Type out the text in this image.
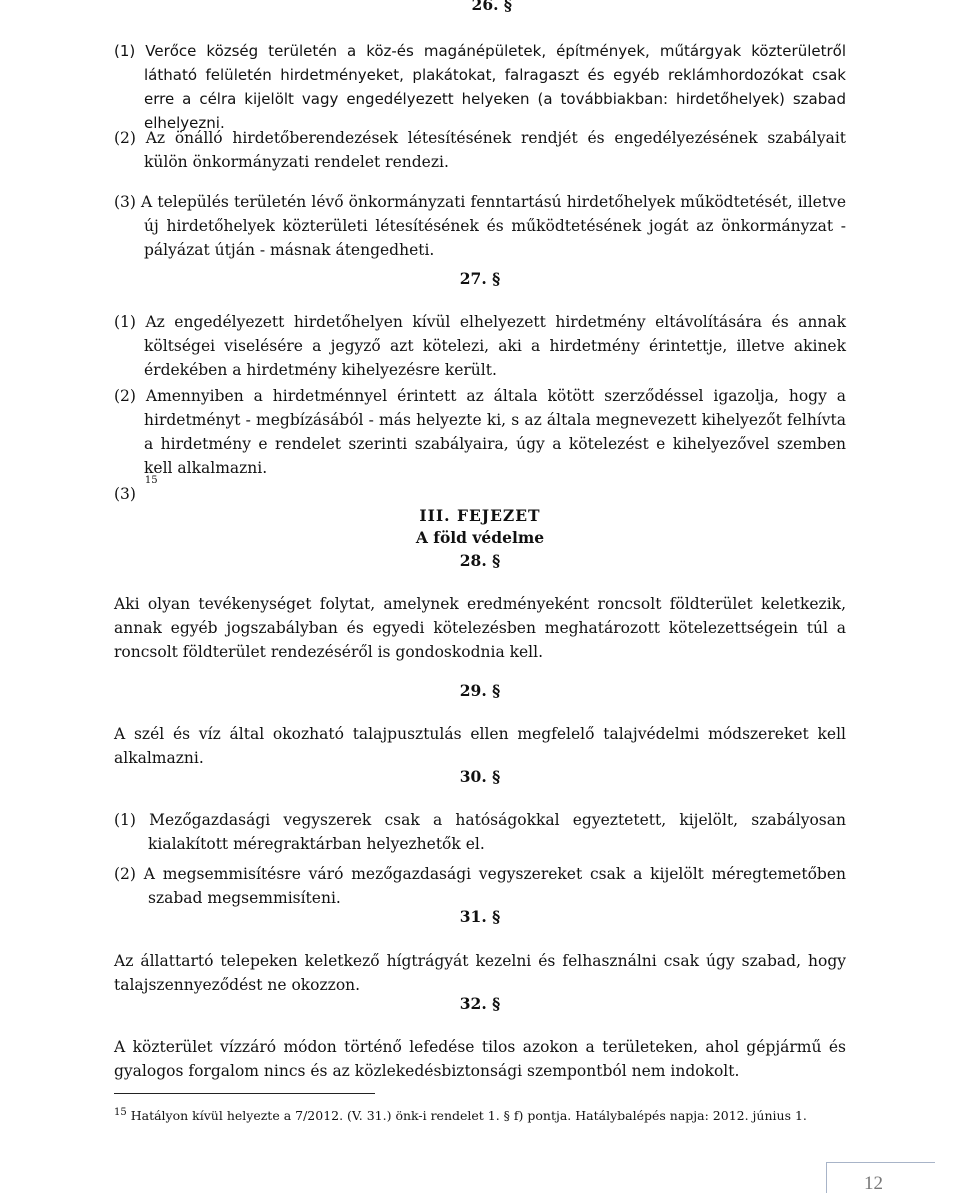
26. §

(1) Verőce község területén a köz-és magánépületek, építmények, műtárgyak közterületről látható felületén hirdetményeket, plakátokat, falragaszt és egyéb reklámhordozókat csak erre a célra kijelölt vagy engedélyezett helyeken (a továbbiakban: hirdetőhelyek) szabad elhelyezni.

(2) Az önálló hirdetőberendezések létesítésének rendjét és engedélyezésének szabályait külön önkormányzati rendelet rendezi.

(3) A település területén lévő önkormányzati fenntartású hirdetőhelyek működtetését, illetve új hirdetőhelyek közterületi létesítésének és működtetésének jogát az önkormányzat - pályázat útján - másnak átengedheti.

27. §

(1) Az engedélyezett hirdetőhelyen kívül elhelyezett hirdetmény eltávolítására és annak költségei viselésére a jegyző azt kötelezi, aki a hirdetmény érintettje, illetve akinek érdekében a hirdetmény kihelyezésre került.

(2) Amennyiben a hirdetménnyel érintett az általa kötött szerződéssel igazolja, hogy a hirdetményt - megbízásából - más helyezte ki, s az általa megnevezett kihelyezőt felhívta a hirdetmény e rendelet szerinti szabályaira, úgy a kötelezést e kihelyezővel szemben kell alkalmazni.

(3) $^{15}$
III. FEJEZET
A föld védelme
28. §

Aki olyan tevékenységet folytat, amelynek eredményeként roncsolt földterület keletkezik, annak egyéb jogszabályban és egyedi kötelezésben meghatározott kötelezettségein túl a roncsolt földterület rendezéséről is gondoskodnia kell.

29. §

A szél és víz által okozható talajpusztulás ellen megfelelő talajvédelmi módszereket kell alkalmazni.

30. §

(1) Mezőgazdasági vegyszerek csak a hatóságokkal egyeztetett, kijelölt, szabályosan kialakított méregraktárban helyezhetők el.

(2) A megsemmisítésre váró mezőgazdasági vegyszereket csak a kijelölt méregtemetőben szabad megsemmisíteni.

31. §

Az állattartó telepeken keletkező hígtrágyát kezelni és felhasználni csak úgy szabad, hogy talajszennyeződést ne okozzon.

32. §

A közterület vízzáró módon történő lefedése tilos azokon a területeken, ahol gépjármű és gyalogos forgalom nincs és az közlekedésbiztonsági szempontból nem indokolt.

$^{15}$ Hatályon kívül helyezte a 7/2012. (V. 31.) önk-i rendelet 1. § f) pontja. Hatálybalépés napja: 2012. június 1.
12
